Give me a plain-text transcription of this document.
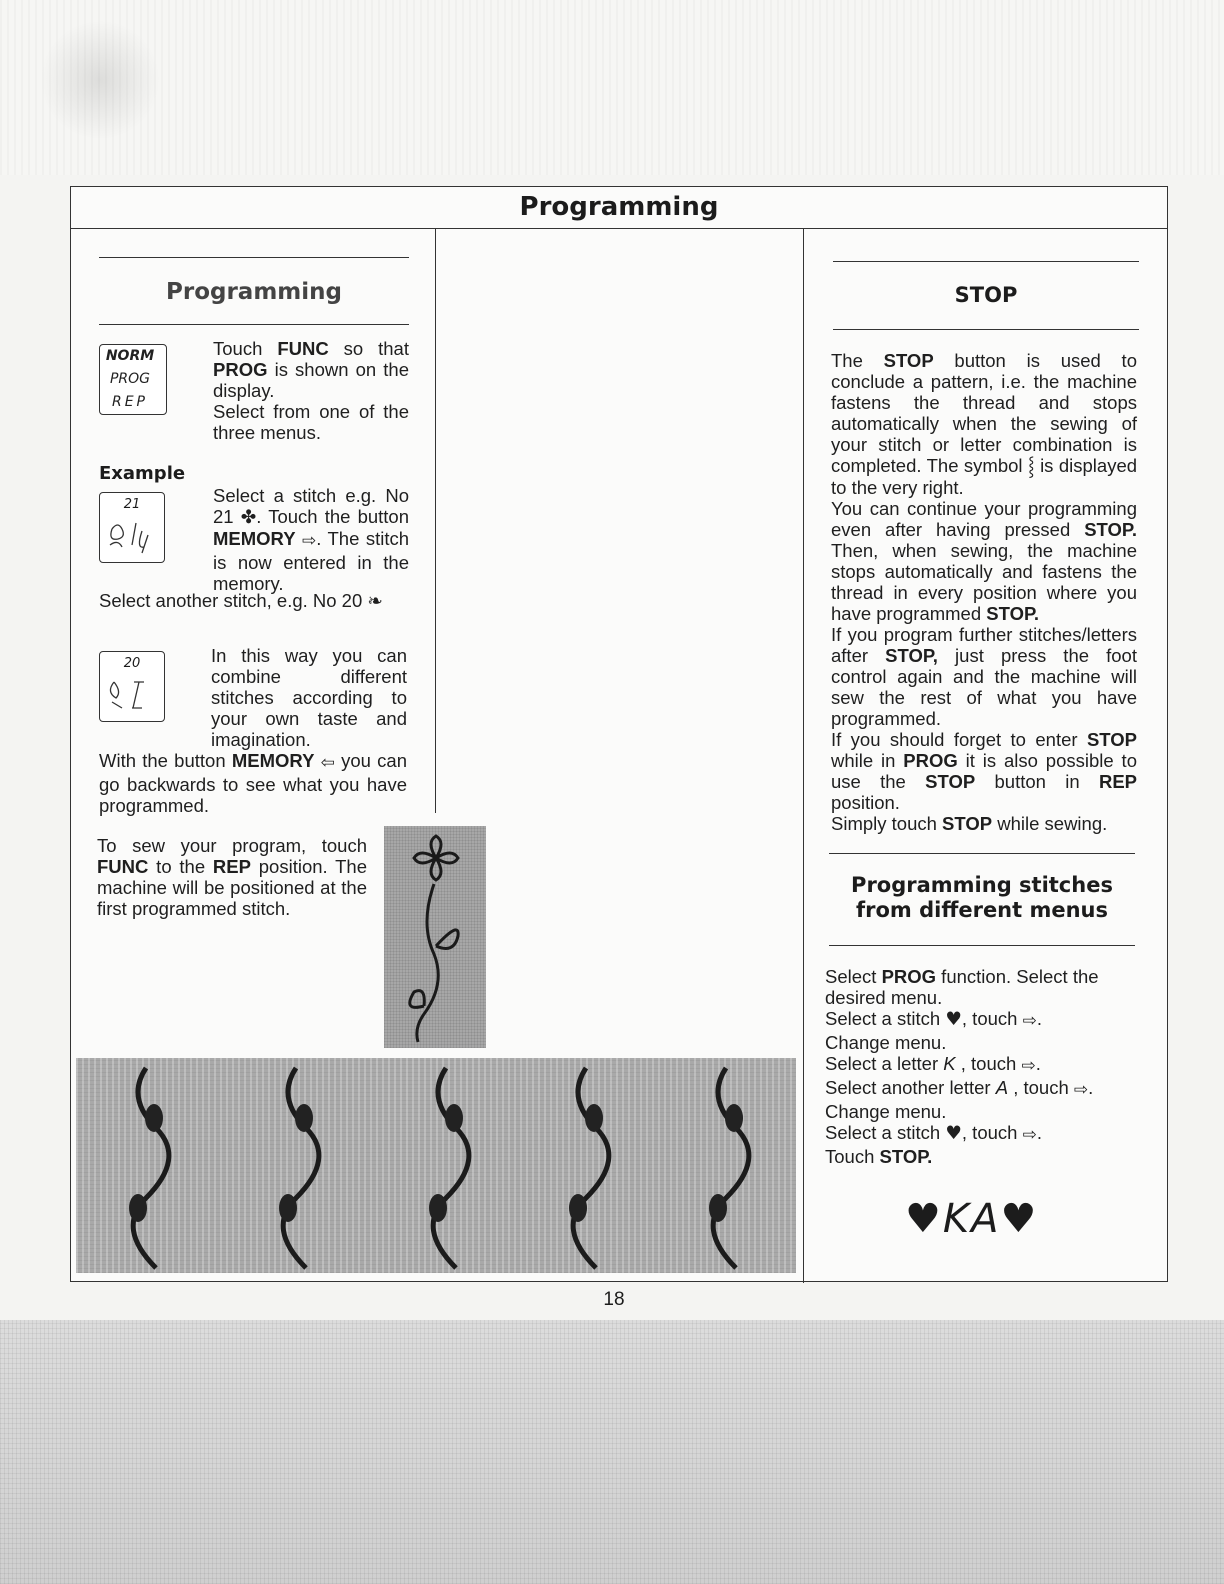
Programming
Programming
NORM
PROG
REP
Touch FUNC so that PROG is shown on the display.
Select from one of the three menus.
Example
21	Select a stitch e.g. No 21 ✤. Touch the button MEMORY ⇨. The stitch is now entered in the memory.
Select another stitch, e.g. No 20 ❧
20	In this way you can combine different stitches according to your own taste and imagination.
With the button MEMORY ⇦ you can go backwards to see what you have programmed.
To sew your program, touch FUNC to the REP position. The machine will be positioned at the first programmed stitch.
STOP
The STOP button is used to conclude a pattern, i.e. the machine fastens the thread and stops automatically when the sewing of your stitch or letter combination is completed. The symbol ⸾ is displayed to the very right.
You can continue your programming even after having pressed STOP. Then, when sewing, the machine stops automatically and fastens the thread in every position where you have programmed STOP.
If you program further stitches/letters after STOP, just press the foot control again and the machine will sew the rest of what you have programmed.
If you should forget to enter STOP while in PROG it is also possible to use the STOP button in REP position.
Simply touch STOP while sewing.
Programming stitches
from different menus
Select PROG function. Select the desired menu.
Select a stitch ♥, touch ⇨.
Change menu.
Select a letter K , touch ⇨.
Select another letter A , touch ⇨.
Change menu.
Select a stitch ♥, touch ⇨.
Touch STOP.
♥KA♥
18
